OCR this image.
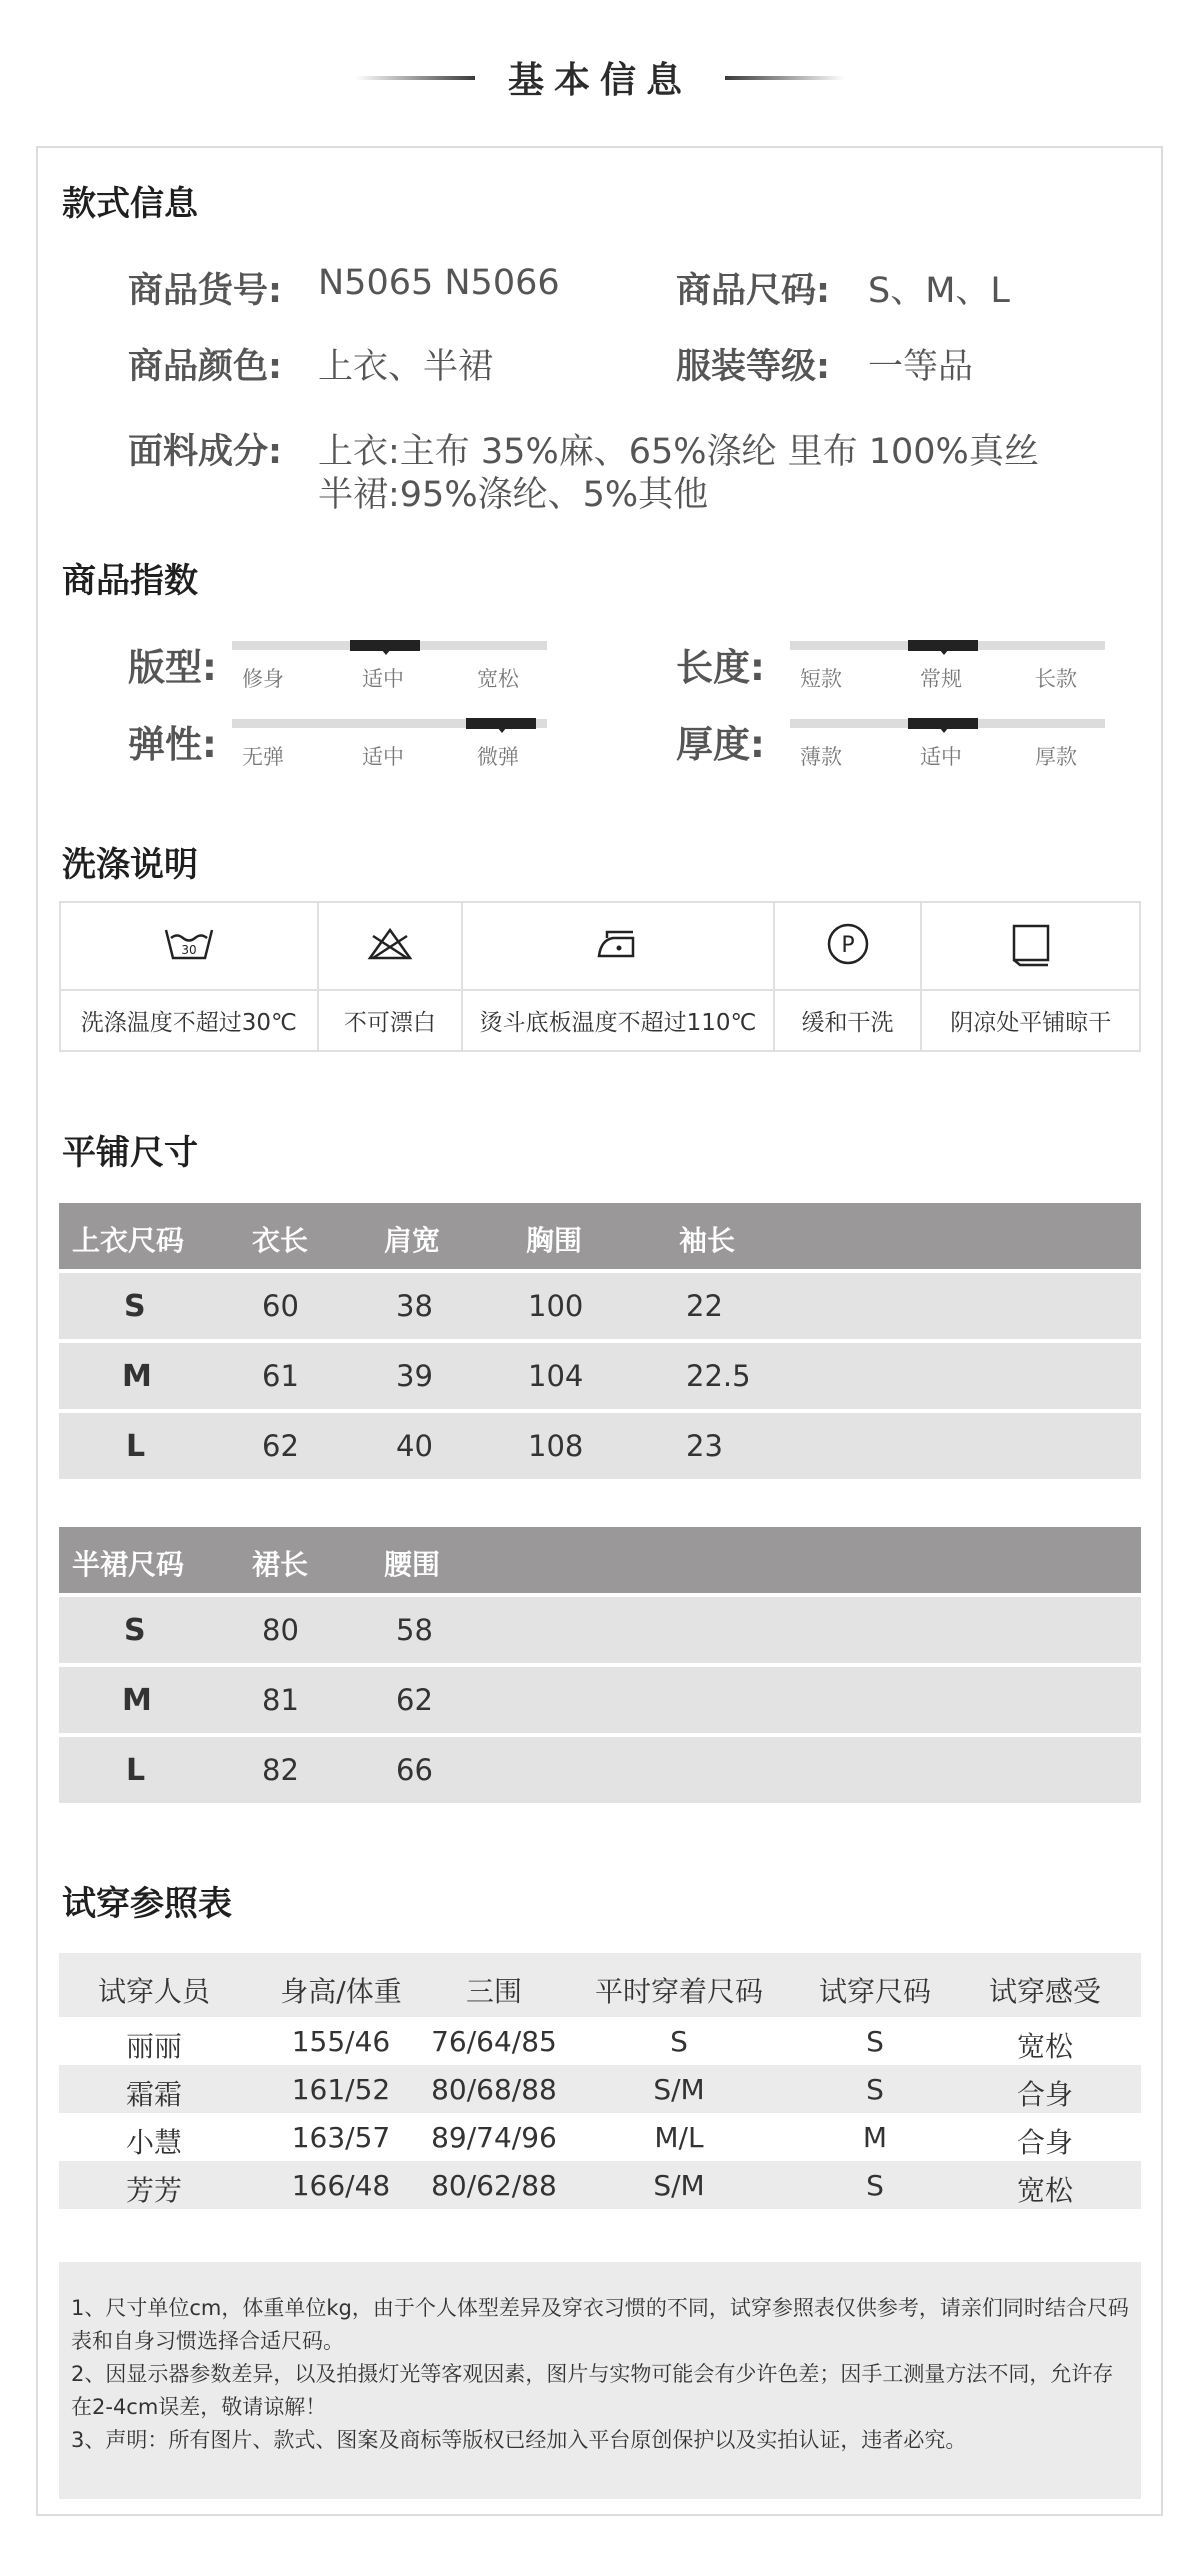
基本信息
款式信息
商品货号: N5065 N5066	商品尺码: S、M、L
商品颜色: 上衣、半裙	服装等级: 一等品
面料成分: 上衣:主布 35%麻、65%涤纶 里布 100%真丝
半裙:95%涤纶、5%其他
商品指数
版型: 修身	适中	宽松	长度: 短款	常规	长款
弹性: 无弹	适中	微弹	厚度: 薄款	适中	厚款
洗涤说明
30			P

洗涤温度不超过30℃	不可漂白	烫斗底板温度不超过110℃	缓和干洗	阴凉处平铺晾干
平铺尺寸
上衣尺码 衣长	肩宽	胸围	袖长
S	60	38	100	22
M	61	39	104	22.5
L	62	40	108	23
半裙尺码 裙长	腰围
S	80	58
M	81	62
L	82	66
试穿参照表
试穿人员	身高/体重	三围	平时穿着尺码	试穿尺码	试穿感受
丽丽	155/46	76/64/85	S	S	宽松
霜霜	161/52	80/68/88	S/M	S	合身
小慧	163/57	89/74/96	M/L	M	合身
芳芳	166/48	80/62/88	S/M	S	宽松

1、尺寸单位cm，体重单位kg，由于个人体型差异及穿衣习惯的不同，试穿参照表仅供参考，请亲们同时结合尺码表和自身习惯选择合适尺码。

2、因显示器参数差异，以及拍摄灯光等客观因素，图片与实物可能会有少许色差；因手工测量方法不同，允许存在2-4cm误差，敬请谅解！

3、声明：所有图片、款式、图案及商标等版权已经加入平台原创保护以及实拍认证，违者必究。
